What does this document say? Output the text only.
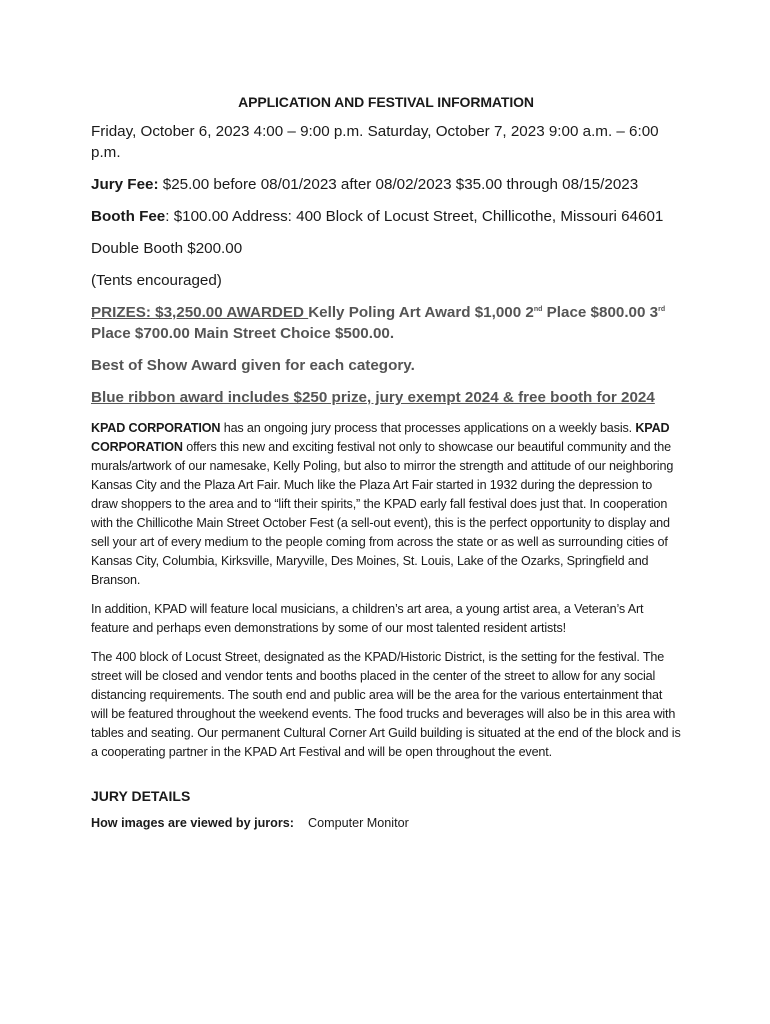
APPLICATION AND FESTIVAL INFORMATION

Friday, October 6, 2023 4:00 – 9:00 p.m. Saturday, October 7, 2023 9:00 a.m. – 6:00 p.m.

Jury Fee: $25.00 before 08/01/2023 after 08/02/2023 $35.00 through 08/15/2023

Booth Fee: $100.00 Address: 400 Block of Locust Street, Chillicothe, Missouri 64601

Double Booth $200.00

(Tents encouraged)

PRIZES: $3,250.00 AWARDED Kelly Poling Art Award $1,000 2nd Place $800.00 3rd Place $700.00 Main Street Choice $500.00.

Best of Show Award given for each category.

Blue ribbon award includes $250 prize, jury exempt 2024 & free booth for 2024

KPAD CORPORATION has an ongoing jury process that processes applications on a weekly basis. KPAD CORPORATION offers this new and exciting festival not only to showcase our beautiful community and the murals/artwork of our namesake, Kelly Poling, but also to mirror the strength and attitude of our neighboring Kansas City and the Plaza Art Fair. Much like the Plaza Art Fair started in 1932 during the depression to draw shoppers to the area and to “lift their spirits,” the KPAD early fall festival does just that. In cooperation with the Chillicothe Main Street October Fest (a sell-out event), this is the perfect opportunity to display and sell your art of every medium to the people coming from across the state or as well as surrounding cities of Kansas City, Columbia, Kirksville, Maryville, Des Moines, St. Louis, Lake of the Ozarks, Springfield and Branson.

In addition, KPAD will feature local musicians, a children’s art area, a young artist area, a Veteran’s Art feature and perhaps even demonstrations by some of our most talented resident artists!

The 400 block of Locust Street, designated as the KPAD/Historic District, is the setting for the festival. The street will be closed and vendor tents and booths placed in the center of the street to allow for any social distancing requirements. The south end and public area will be the area for the various entertainment that will be featured throughout the weekend events. The food trucks and beverages will also be in this area with tables and seating. Our permanent Cultural Corner Art Guild building is situated at the end of the block and is a cooperating partner in the KPAD Art Festival and will be open throughout the event.

JURY DETAILS
How images are viewed by jurors: Computer Monitor
